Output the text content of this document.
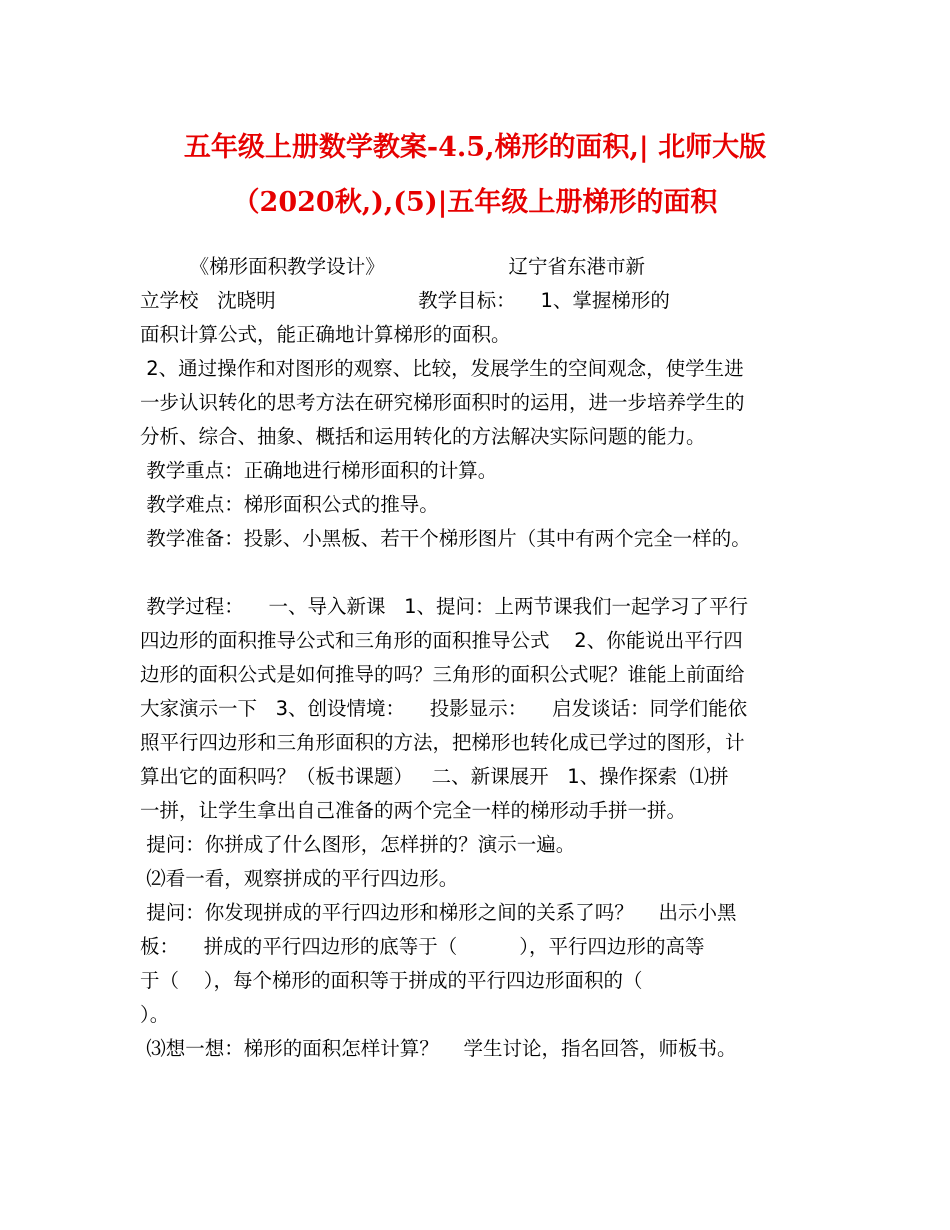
五年级上册数学教案-4.5,梯形的面积,| 北师大版
（2020秋,),(5)|五年级上册梯形的面积
《梯形面积教学设计》                    辽宁省东港市新
立学校   沈晓明                       教学目标：    1、掌握梯形的
面积计算公式，能正确地计算梯形的面积。
2、通过操作和对图形的观察、比较，发展学生的空间观念，使学生进
一步认识转化的思考方法在研究梯形面积时的运用，进一步培养学生的
分析、综合、抽象、概括和运用转化的方法解决实际问题的能力。
教学重点：正确地进行梯形面积的计算。
教学难点：梯形面积公式的推导。
教学准备：投影、小黑板、若干个梯形图片（其中有两个完全一样的。
教学过程：    一、导入新课   1、提问：上两节课我们一起学习了平行
四边形的面积推导公式和三角形的面积推导公式    2、你能说出平行四
边形的面积公式是如何推导的吗？三角形的面积公式呢？谁能上前面给
大家演示一下   3、创设情境：    投影显示：    启发谈话：同学们能依
照平行四边形和三角形面积的方法，把梯形也转化成已学过的图形，计
算出它的面积吗？（板书课题）   二、新课展开   1、操作探索  ⑴拼
一拼，让学生拿出自己准备的两个完全一样的梯形动手拼一拼。
提问：你拼成了什么图形，怎样拼的？演示一遍。
⑵看一看，观察拼成的平行四边形。
提问：你发现拼成的平行四边形和梯形之间的关系了吗？    出示小黑
板：    拼成的平行四边形的底等于（          ），平行四边形的高等
于（    ），每个梯形的面积等于拼成的平行四边形面积的（
）。
⑶想一想：梯形的面积怎样计算？    学生讨论，指名回答，师板书。
